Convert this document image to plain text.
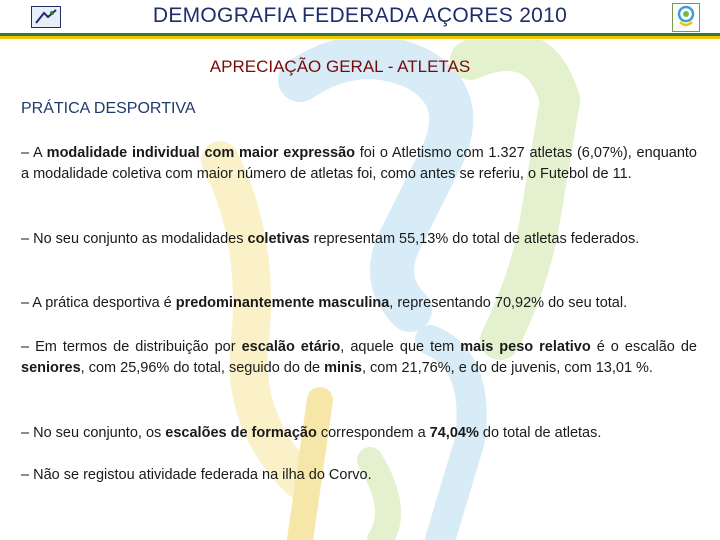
DEMOGRAFIA FEDERADA AÇORES 2010
APRECIAÇÃO GERAL - ATLETAS
PRÁTICA DESPORTIVA
– A modalidade individual com maior expressão foi o Atletismo com 1.327 atletas (6,07%), enquanto a modalidade coletiva com maior número de atletas foi, como antes se referiu, o Futebol de 11.
– No seu conjunto as modalidades coletivas representam 55,13% do total de atletas federados.
– A prática desportiva é predominantemente masculina, representando 70,92% do seu total.
– Em termos de distribuição por escalão etário, aquele que tem mais peso relativo é o escalão de seniores, com 25,96% do total, seguido do de minis, com 21,76%, e do de juvenis, com 13,01 %.
– No seu conjunto, os escalões de formação correspondem a 74,04% do total de atletas.
– Não se registou atividade federada na ilha do Corvo.
